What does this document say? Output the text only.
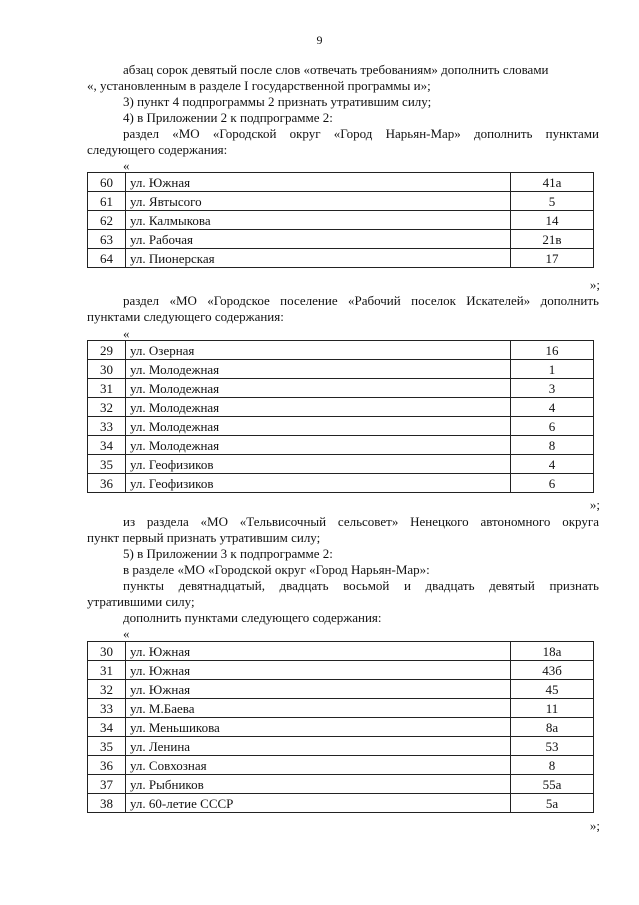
9
абзац сорок девятый после слов «отвечать требованиям» дополнить словами
«, установленным в разделе I государственной программы и»;
3) пункт 4 подпрограммы 2 признать утратившим силу;
4) в Приложении 2 к подпрограмме 2:
раздел «МО «Городской округ «Город Нарьян-Мар» дополнить пунктами
следующего содержания:
«
60	ул. Южная	41а
61	ул. Явтысого	5
62	ул. Калмыкова	14
63	ул. Рабочая	21в
64	ул. Пионерская	17
»;
раздел «МО «Городское поселение «Рабочий поселок Искателей» дополнить
пунктами следующего содержания:
«
29	ул. Озерная	16
30	ул. Молодежная	1
31	ул. Молодежная	3
32	ул. Молодежная	4
33	ул. Молодежная	6
34	ул. Молодежная	8
35	ул. Геофизиков	4
36	ул. Геофизиков	6
»;
из раздела «МО «Тельвисочный сельсовет» Ненецкого автономного округа
пункт первый признать утратившим силу;
5) в Приложении 3 к подпрограмме 2:
в разделе «МО «Городской округ «Город Нарьян-Мар»:
пункты девятнадцатый, двадцать восьмой и двадцать девятый признать
утратившими силу;
дополнить пунктами следующего содержания:
«
30	ул. Южная	18а
31	ул. Южная	43б
32	ул. Южная	45
33	ул. М.Баева	11
34	ул. Меньшикова	8а
35	ул. Ленина	53
36	ул. Совхозная	8
37	ул. Рыбников	55а
38	ул. 60-летие СССР	5а
»;
